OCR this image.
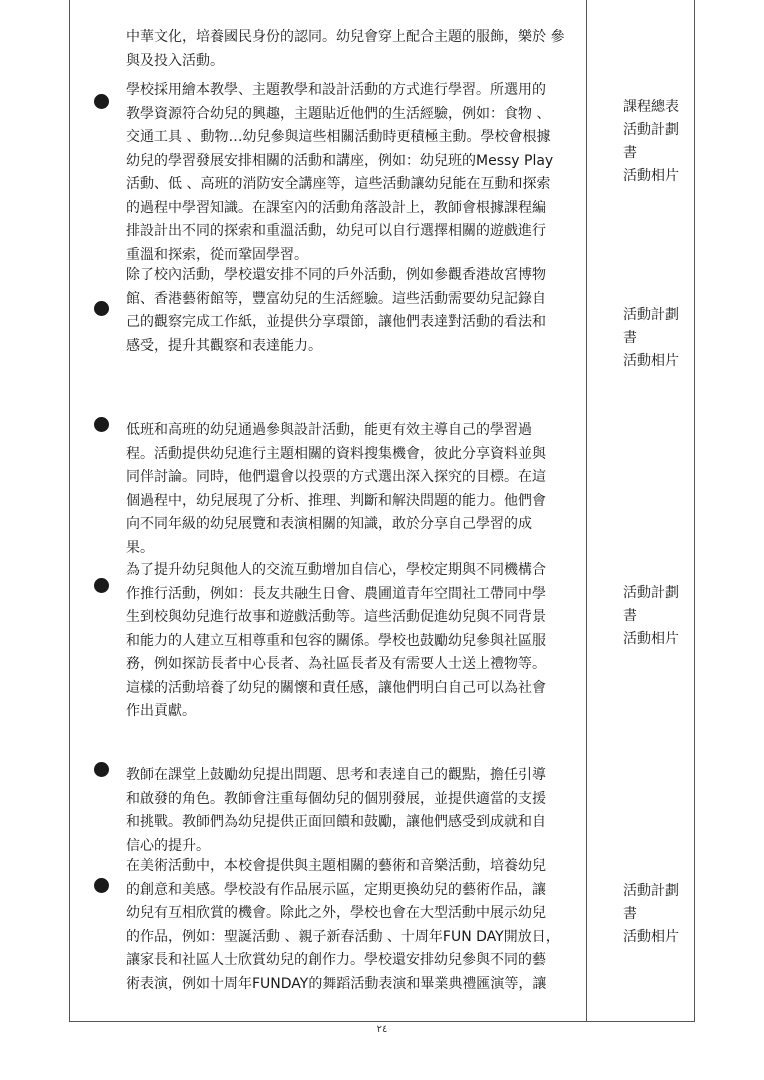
中華文化，培養國民身份的認同。幼兒會穿上配合主題的服飾，樂於 參
與及投入活動。
學校採用繪本教學、主題教學和設計活動的方式進行學習。所選用的
教學資源符合幼兒的興趣，主題貼近他們的生活經驗，例如：食物 、
交通工具 、動物…幼兒參與這些相關活動時更積極主動。學校會根據
幼兒的學習發展安排相關的活動和講座，例如：幼兒班的Messy Play
活動、低 、高班的消防安全講座等，這些活動讓幼兒能在互動和探索
的過程中學習知識。在課室內的活動角落設計上，教師會根據課程編
排設計出不同的探索和重溫活動，幼兒可以自行選擇相關的遊戲進行
重溫和探索，從而鞏固學習。
除了校內活動，學校還安排不同的戶外活動，例如參觀香港故宮博物
館、香港藝術館等，豐富幼兒的生活經驗。這些活動需要幼兒記錄自
己的觀察完成工作紙，並提供分享環節，讓他們表達對活動的看法和
感受，提升其觀察和表達能力。
低班和高班的幼兒通過參與設計活動，能更有效主導自己的學習過
程。活動提供幼兒進行主題相關的資料搜集機會，彼此分享資料並與
同伴討論。同時，他們還會以投票的方式選出深入探究的目標。在這
個過程中，幼兒展現了分析、推理、判斷和解決問題的能力。他們會
向不同年級的幼兒展覽和表演相關的知識，敢於分享自己學習的成
果。
為了提升幼兒與他人的交流互動增加自信心，學校定期與不同機構合
作推行活動，例如：長友共融生日會、農圃道青年空間社工帶同中學
生到校與幼兒進行故事和遊戲活動等。這些活動促進幼兒與不同背景
和能力的人建立互相尊重和包容的關係。學校也鼓勵幼兒參與社區服
務，例如探訪長者中心長者、為社區長者及有需要人士送上禮物等。
這樣的活動培養了幼兒的關懷和責任感，讓他們明白自己可以為社會
作出貢獻。
教師在課堂上鼓勵幼兒提出問題、思考和表達自己的觀點，擔任引導
和啟發的角色。教師會注重每個幼兒的個別發展，並提供適當的支援
和挑戰。教師們為幼兒提供正面回饋和鼓勵，讓他們感受到成就和自
信心的提升。
在美術活動中，本校會提供與主題相關的藝術和音樂活動，培養幼兒
的創意和美感。學校設有作品展示區，定期更換幼兒的藝術作品，讓
幼兒有互相欣賞的機會。除此之外，學校也會在大型活動中展示幼兒
的作品，例如：聖誕活動 、親子新春活動 、十周年FUN DAY開放日，
讓家長和社區人士欣賞幼兒的創作力。學校還安排幼兒參與不同的藝
術表演，例如十周年FUNDAY的舞蹈活動表演和畢業典禮匯演等，讓
課程總表
活動計劃
書
活動相片
活動計劃
書
活動相片
活動計劃
書
活動相片
活動計劃
書
活動相片
٢٤
